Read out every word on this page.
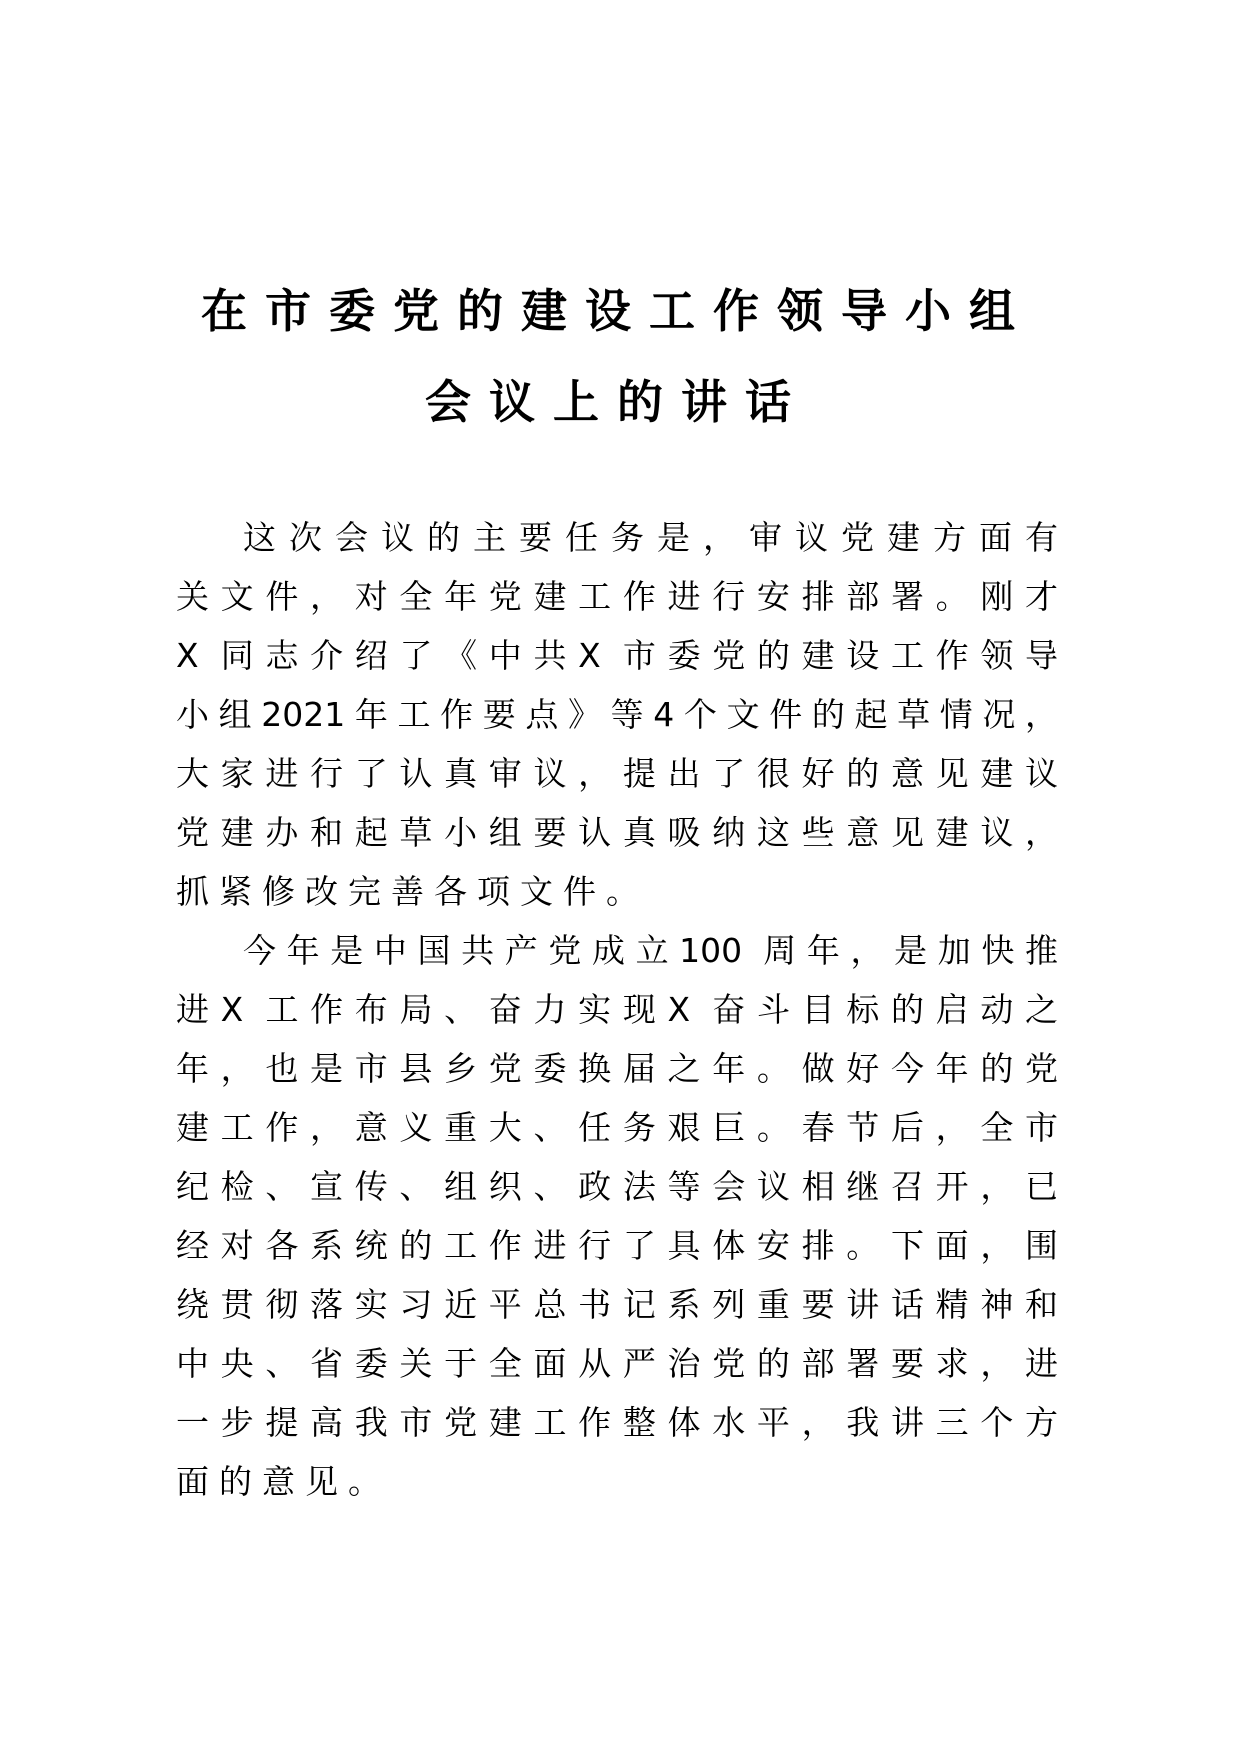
在市委党的建设工作领导小组
会议上的讲话
这次会议的主要任务是，审议党建方面有
关文件，对全年党建工作进行安排部署。刚才
X 同志介绍了《中共X 市委党的建设工作领导
小组2021年工作要点》等4个文件的起草情况，
大家进行了认真审议，提出了很好的意见建议
党建办和起草小组要认真吸纳这些意见建议，
抓紧修改完善各项文件。
今年是中国共产党成立100 周年，是加快推
进X 工作布局、奋力实现X 奋斗目标的启动之
年，也是市县乡党委换届之年。做好今年的党
建工作，意义重大、任务艰巨。春节后，全市
纪检、宣传、组织、政法等会议相继召开，已
经对各系统的工作进行了具体安排。下面，围
绕贯彻落实习近平总书记系列重要讲话精神和
中央、省委关于全面从严治党的部署要求，进
一步提高我市党建工作整体水平，我讲三个方
面的意见。
